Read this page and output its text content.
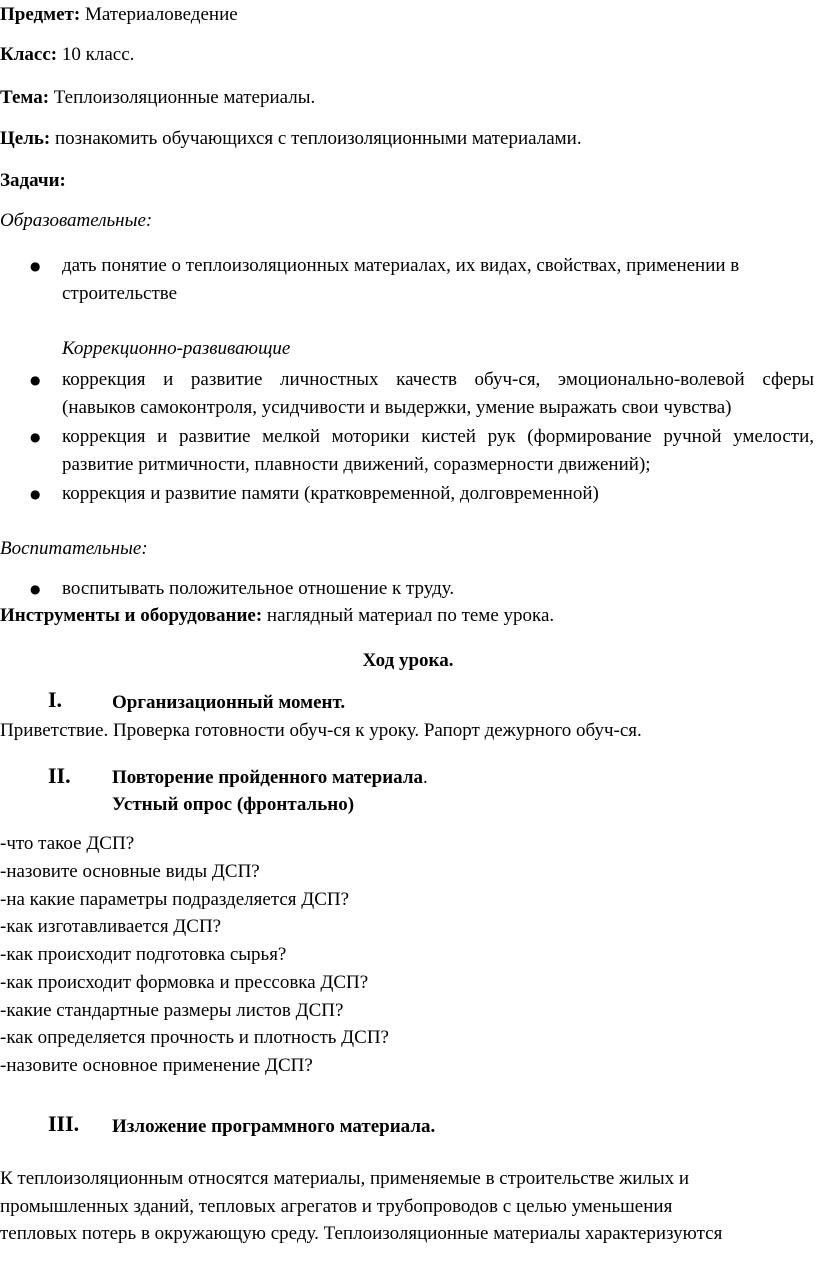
Предмет: Материаловедение
Класс: 10 класс.
Тема: Теплоизоляционные материалы.
Цель: познакомить обучающихся с теплоизоляционными материалами.
Задачи:
Образовательные:
● дать понятие о теплоизоляционных материалах, их видах, свойствах, применении в
строительстве
Коррекционно-развивающие
● коррекция и развитие личностных качеств обуч-ся, эмоционально-волевой сферы
(навыков самоконтроля, усидчивости и выдержки, умение выражать свои чувства)
● коррекция и развитие мелкой моторики кистей рук (формирование ручной умелости,
развитие ритмичности, плавности движений, соразмерности движений);
● коррекция и развитие памяти (кратковременной, долговременной)
Воспитательные:
● воспитывать положительное отношение к труду.
Инструменты и оборудование: наглядный материал по теме урока.
Ход урока.
I.	Организационный момент.
Приветствие. Проверка готовности обуч-ся к уроку. Рапорт дежурного обуч-ся.
II. Повторение пройденного материала.
Устный опрос (фронтально)
-что такое ДСП?
-назовите основные виды ДСП?
-на какие параметры подразделяется ДСП?
-как изготавливается ДСП?
-как происходит подготовка сырья?
-как происходит формовка и прессовка ДСП?
-какие стандартные размеры листов ДСП?
-как определяется прочность и плотность ДСП?
-назовите основное применение ДСП?
III. Изложение программного материала.
К теплоизоляционным относятся материалы, применяемые в строительстве жилых и
промышленных зданий, тепловых агрегатов и трубопроводов с целью уменьшения
тепловых потерь в окружающую среду. Теплоизоляционные материалы характеризуются
